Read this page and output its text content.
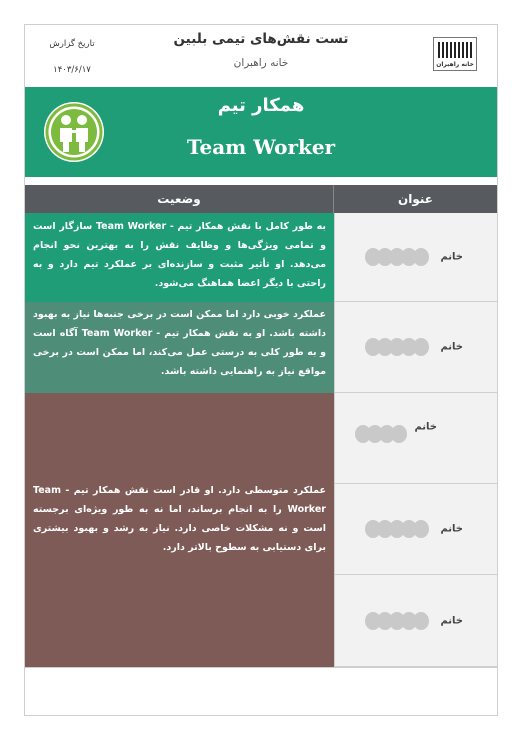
خانه راهبران
تست نقش‌های تیمی بلبین
خانه راهبران
تاریخ گزارش
۱۴۰۳/۶/۱۷
همکار تیم
Team Worker
عنوان
وضعیت
به طور کامل با نقش همکار تیم - Team Worker سازگار است و تمامی ویژگی‌ها و وظایف نقش را به بهترین نحو انجام می‌دهد. او تأثیر مثبت و سازنده‌ای بر عملکرد تیم دارد و به راحتی با دیگر اعضا هماهنگ می‌شود.
عملکرد خوبی دارد اما ممکن است در برخی جنبه‌ها نیاز به بهبود داشته باشد. او به نقش همکار تیم - Team Worker آگاه است و به طور کلی به درستی عمل می‌کند، اما ممکن است در برخی مواقع نیاز به راهنمایی داشته باشد.
عملکرد متوسطی دارد. او قادر است نقش همکار تیم - Team Worker را به انجام برساند، اما نه به طور ویژه‌ای برجسته است و نه مشکلات خاصی دارد. نیاز به رشد و بهبود بیشتری برای دستیابی به سطوح بالاتر دارد.
خانم
خانم
خانم
خانم
خانم
